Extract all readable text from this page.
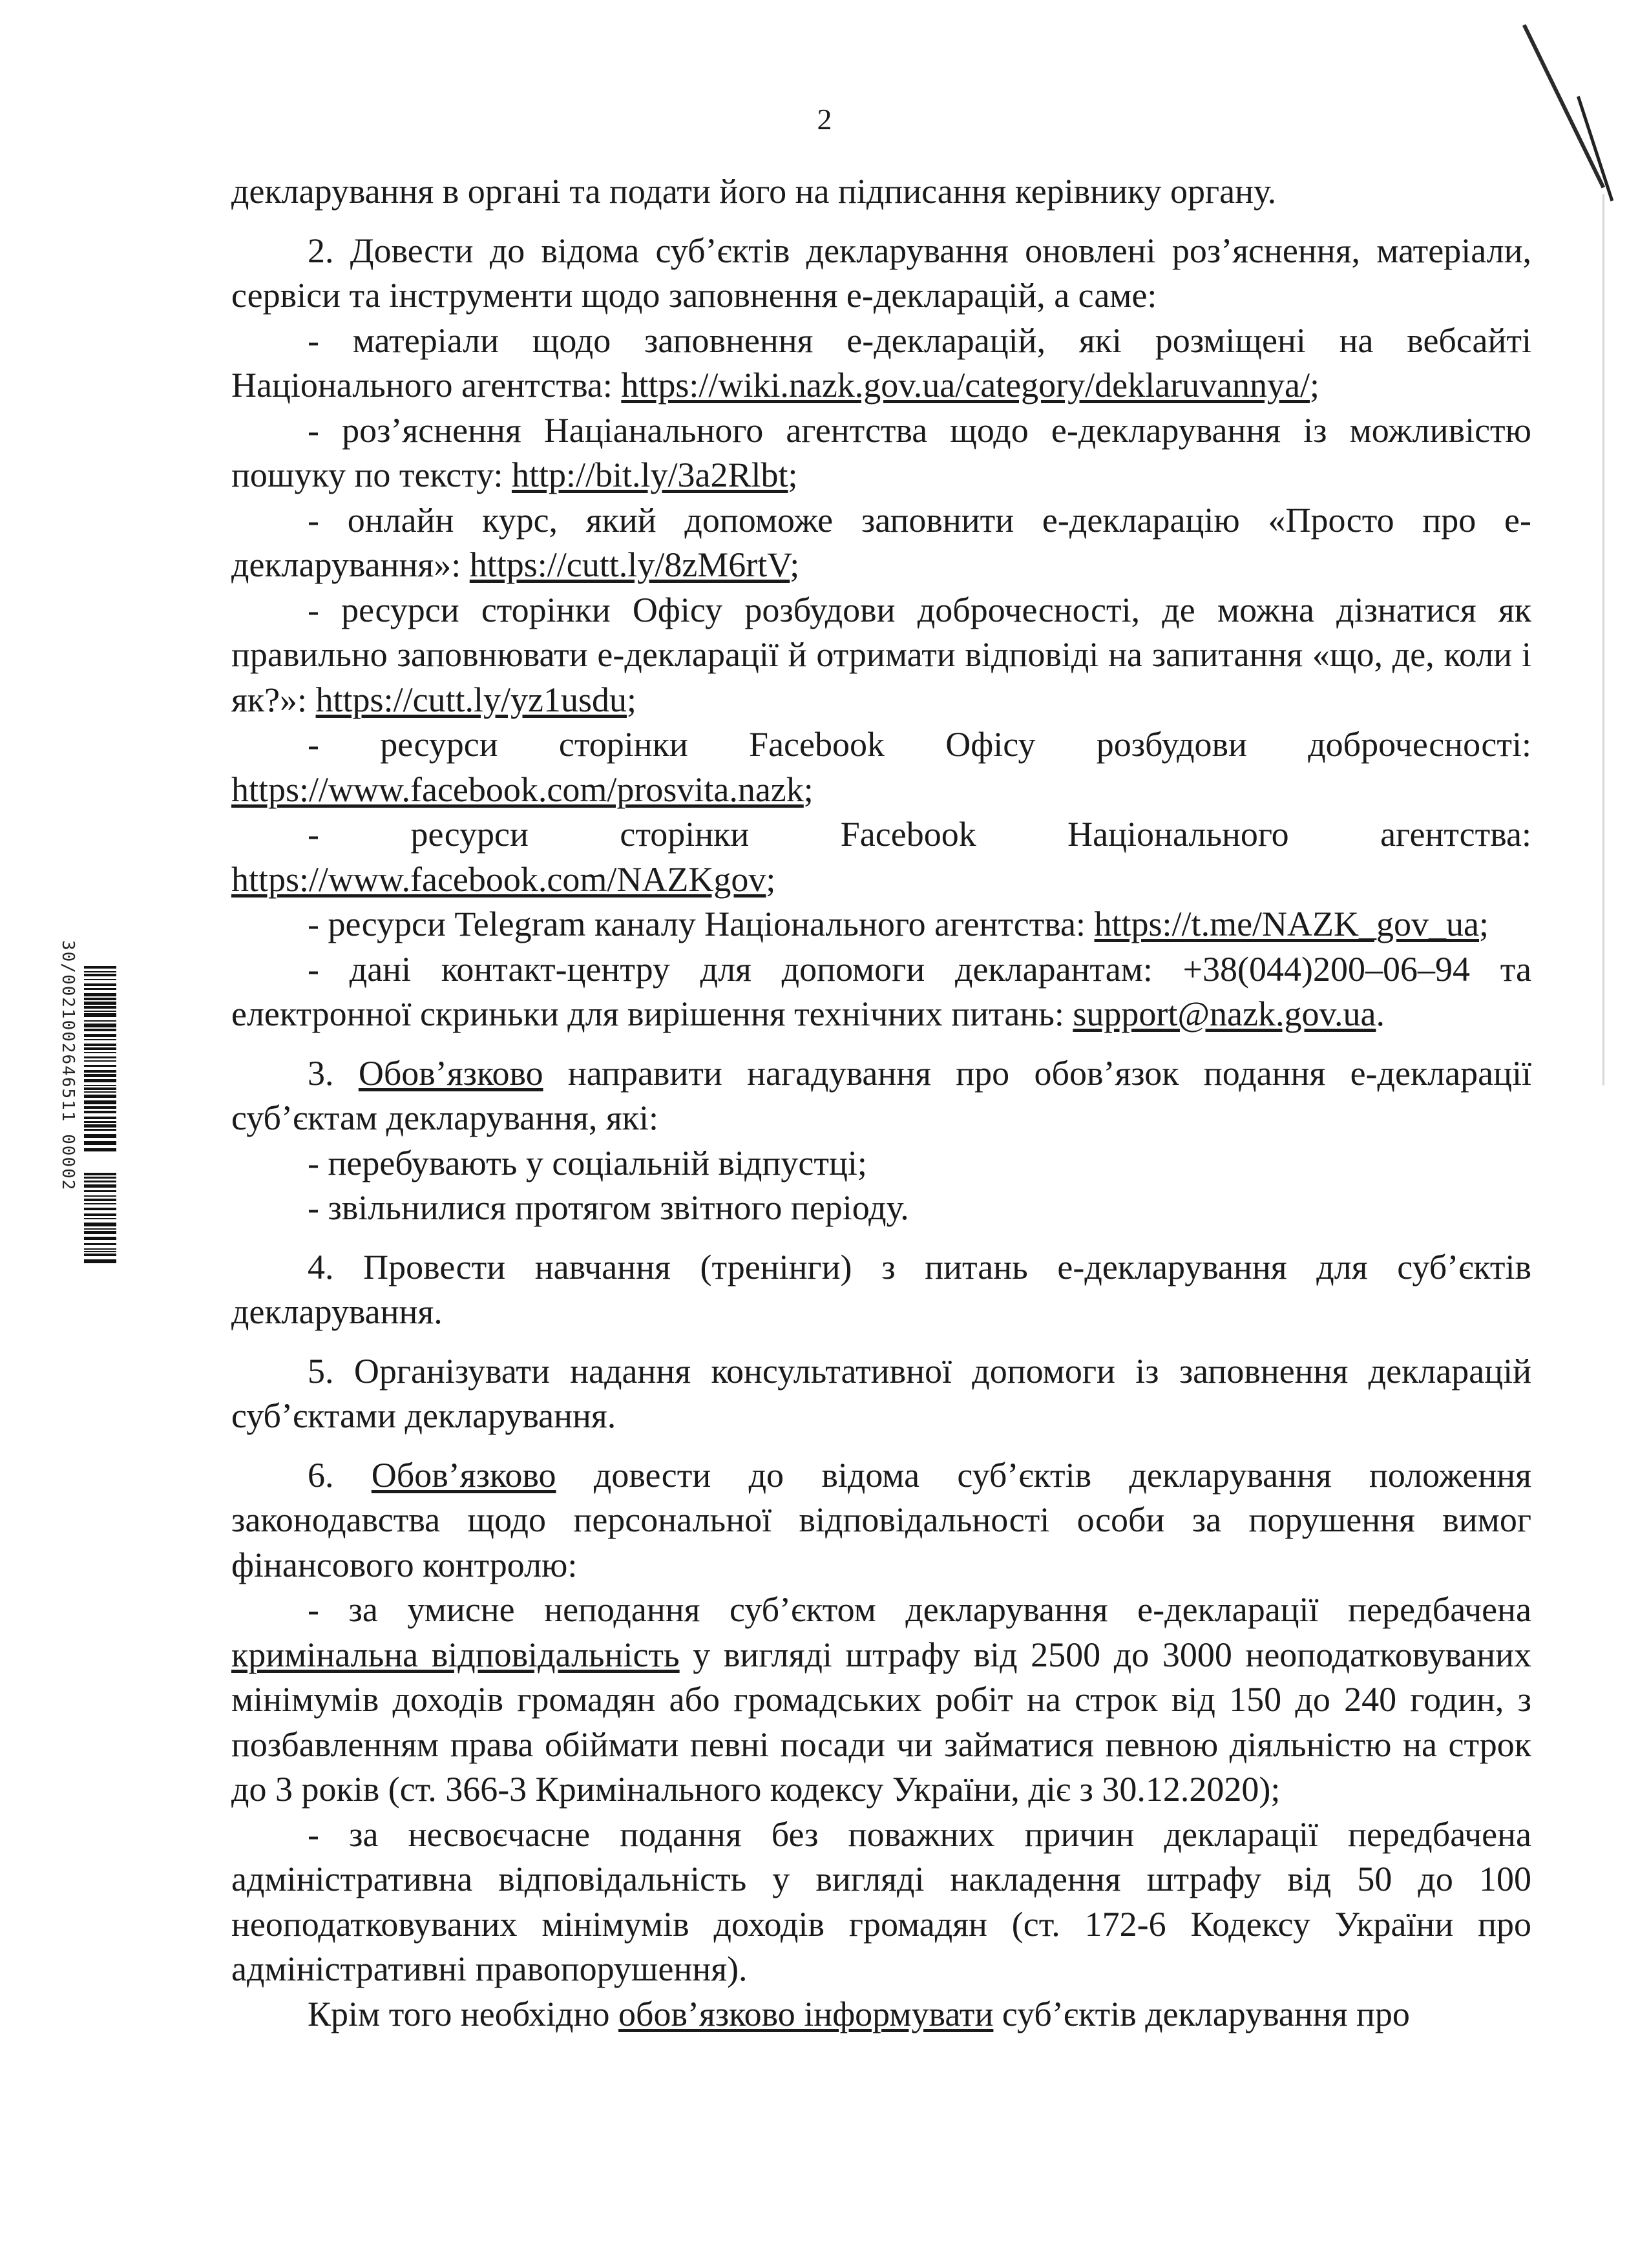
2
30/0021002646511 00002

декларування в органі та подати його на підписання керівнику органу.

2. Довести до відома суб’єктів декларування оновлені роз’яснення, матеріали, сервіси та інструменти щодо заповнення е-декларацій, а саме:

- матеріали щодо заповнення е-декларацій, які розміщені на вебсайті Національного агентства: https://wiki.nazk.gov.ua/category/deklaruvannya/;

- роз’яснення Націанального агентства щодо е-декларування із можливістю пошуку по тексту: http://bit.ly/3a2Rlbt;

- онлайн курс, який допоможе заповнити е-декларацію «Просто про е-декларування»: https://cutt.ly/8zM6rtV;

- ресурси сторінки Офісу розбудови доброчесності, де можна дізнатися як правильно заповнювати е-декларації й отримати відповіді на запитання «що, де, коли і як?»: https://cutt.ly/yz1usdu;

- ресурси сторінки Facebook Офісу розбудови доброчесності: https://www.facebook.com/prosvita.nazk;

- ресурси сторінки Facebook Національного агентства: https://www.facebook.com/NAZKgov;

- ресурси Telegram каналу Національного агентства: https://t.me/NAZK_gov_ua;

- дані контакт-центру для допомоги декларантам: +38(044)200–06–94 та електронної скриньки для вирішення технічних питань: support@nazk.gov.ua.

3. Обов’язково направити нагадування про обов’язок подання е-декларації суб’єктам декларування, які:

- перебувають у соціальній відпустці;

- звільнилися протягом звітного періоду.

4. Провести навчання (тренінги) з питань е-декларування для суб’єктів декларування.

5. Організувати надання консультативної допомоги із заповнення декларацій суб’єктами декларування.

6. Обов’язково довести до відома суб’єктів декларування положення законодавства щодо персональної відповідальності особи за порушення вимог фінансового контролю:

- за умисне неподання суб’єктом декларування е-декларації передбачена кримінальна відповідальність у вигляді штрафу від 2500 до 3000 неоподатковуваних мінімумів доходів громадян або громадських робіт на строк від 150 до 240 годин, з позбавленням права обіймати певні посади чи займатися певною діяльністю на строк до 3 років (ст. 366-3 Кримінального кодексу України, діє з 30.12.2020);

- за несвоєчасне подання без поважних причин декларації передбачена адміністративна відповідальність у вигляді накладення штрафу від 50 до 100 неоподатковуваних мінімумів доходів громадян (ст. 172-6 Кодексу України про адміністративні правопорушення).

Крім того необхідно обов’язково інформувати суб’єктів декларування про
